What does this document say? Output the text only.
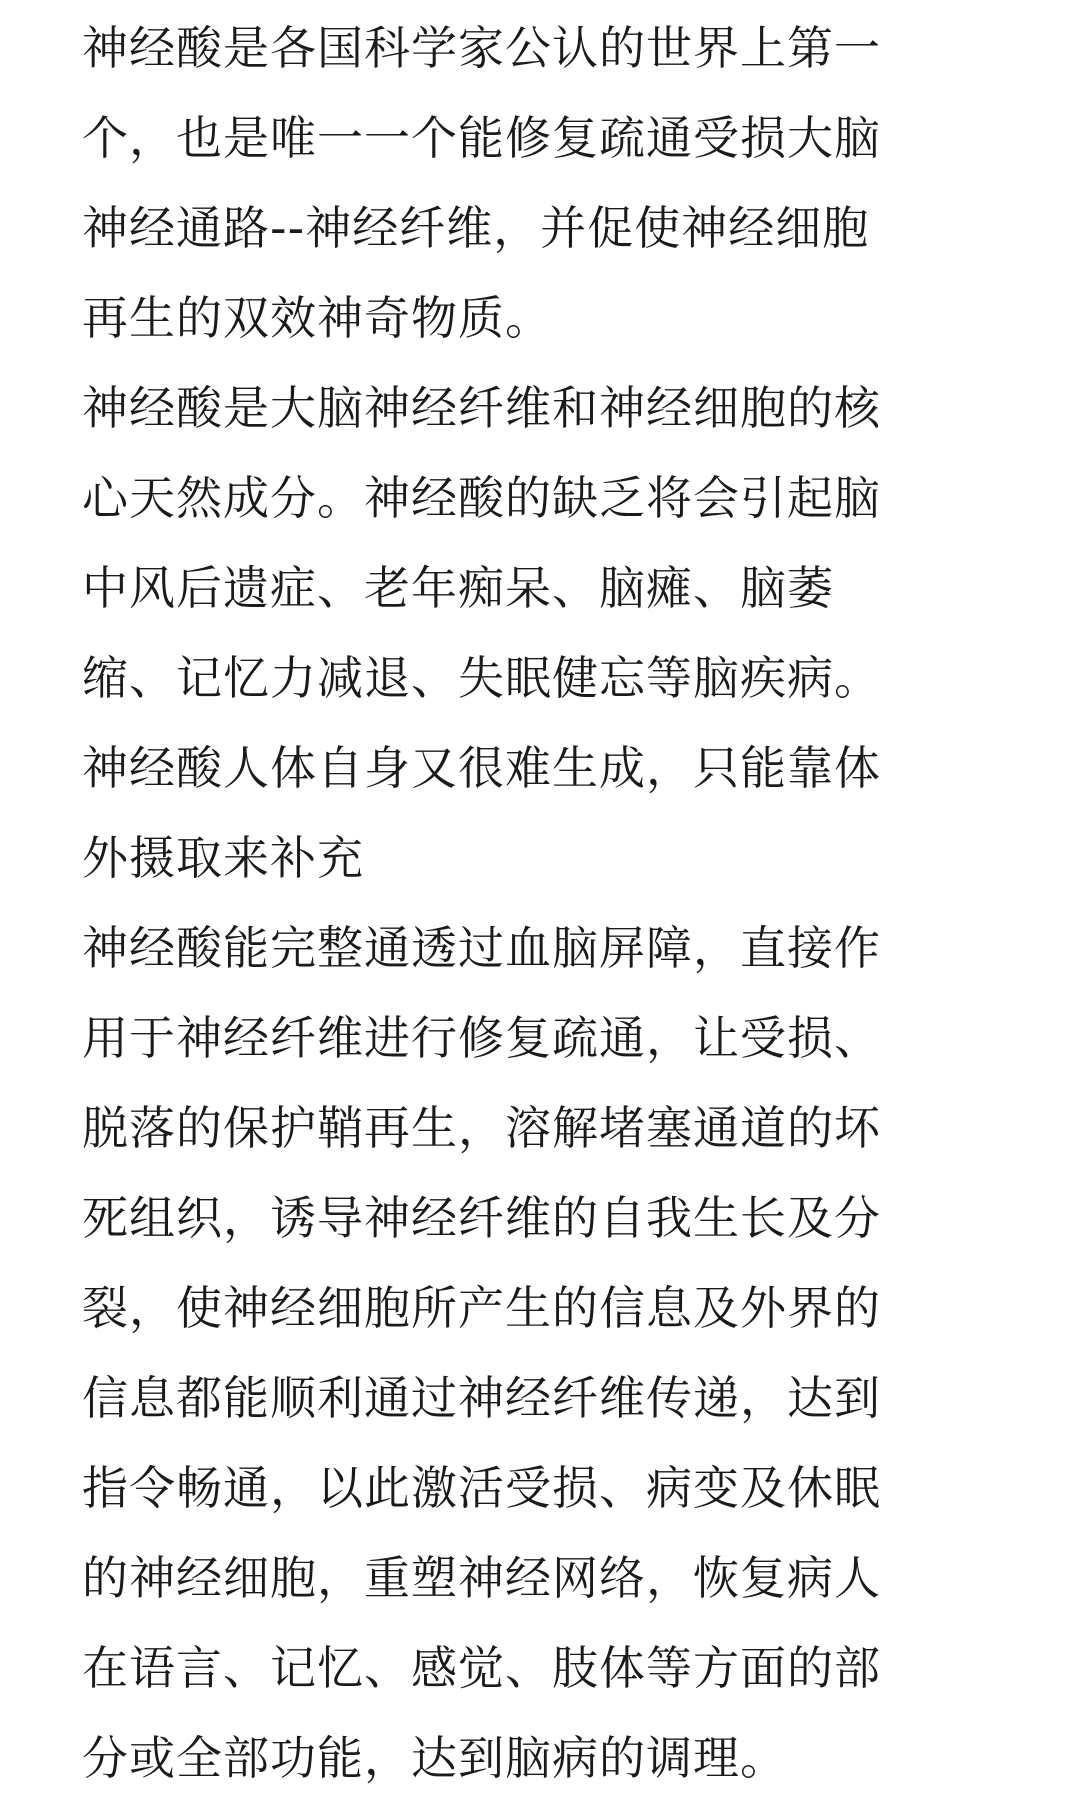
神经酸是各国科学家公认的世界上第一
个，也是唯一一个能修复疏通受损大脑
神经通路--神经纤维，并促使神经细胞
再生的双效神奇物质。
神经酸是大脑神经纤维和神经细胞的核
心天然成分。神经酸的缺乏将会引起脑
中风后遗症、老年痴呆、脑瘫、脑萎
缩、记忆力减退、失眠健忘等脑疾病。
神经酸人体自身又很难生成，只能靠体
外摄取来补充
神经酸能完整通透过血脑屏障，直接作
用于神经纤维进行修复疏通，让受损、
脱落的保护鞘再生，溶解堵塞通道的坏
死组织，诱导神经纤维的自我生长及分
裂，使神经细胞所产生的信息及外界的
信息都能顺利通过神经纤维传递，达到
指令畅通，以此激活受损、病变及休眠
的神经细胞，重塑神经网络，恢复病人
在语言、记忆、感觉、肢体等方面的部
分或全部功能，达到脑病的调理。
